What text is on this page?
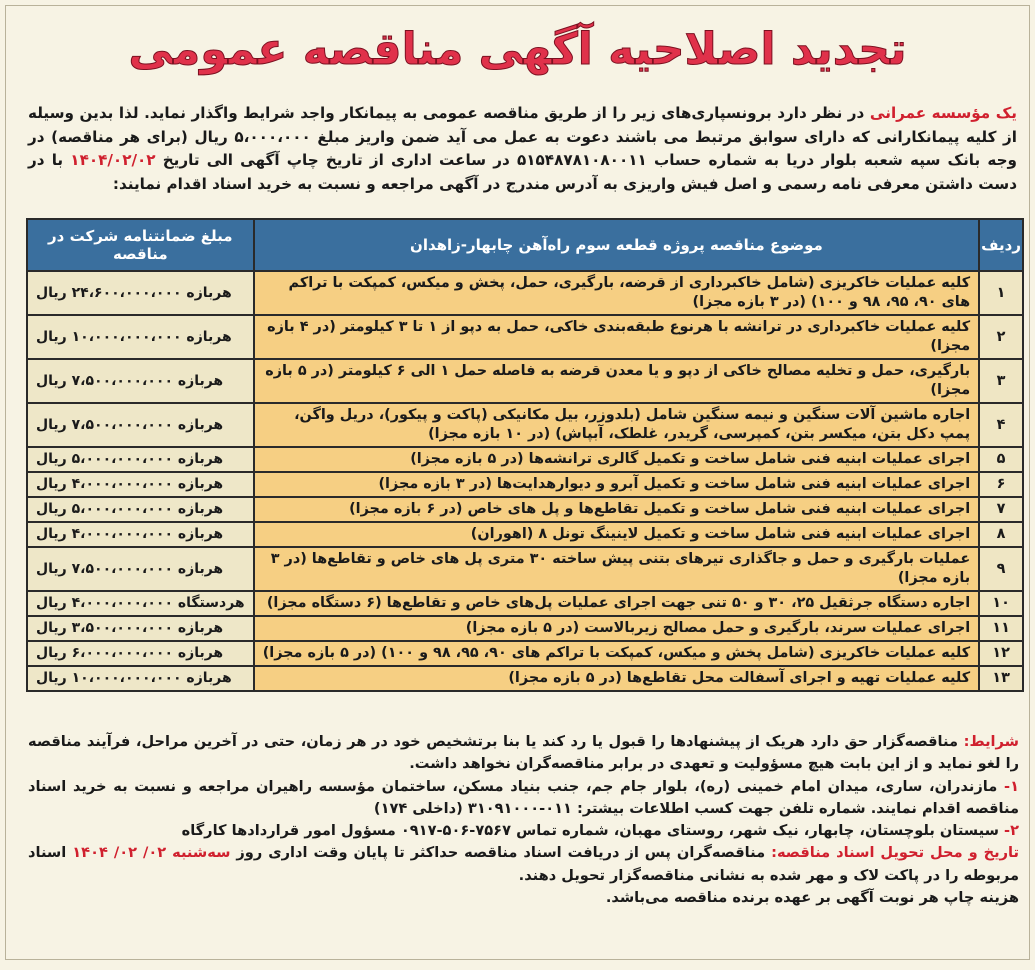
تجدید اصلاحیه آگهی مناقصه عمومی
یک مؤسسه عمرانی در نظر دارد برونسپاری‌های زیر را از طریق مناقصه عمومی به پیمانکار واجد شرایط واگذار نماید. لذا بدین وسیله از کلیه پیمانکارانی که دارای سوابق مرتبط می باشند دعوت به عمل می آید ضمن واریز مبلغ ۵،۰۰۰،۰۰۰ ریال (برای هر مناقصه) در وجه بانک سپه شعبه بلوار دریا به شماره حساب ۵۱۵۴۸۷۸۱۰۸۰۰۱۱ در ساعت اداری از تاریخ چاپ آگهی الی تاریخ ۱۴۰۴/۰۲/۰۲ با در دست داشتن معرفی نامه رسمی و اصل فیش واریزی به آدرس مندرج در آگهی مراجعه و نسبت به خرید اسناد اقدام نمایند:
ردیف	موضوع مناقصه پروژه قطعه سوم راه‌آهن چابهار-زاهدان	مبلغ ضمانتنامه شرکت در مناقصه
۱	کلیه عملیات خاکریزی (شامل خاکبرداری از قرضه، بارگیری، حمل، پخش و میکس، کمپکت با تراکم های ۹۰، ۹۵، ۹۸ و ۱۰۰) (در ۳ بازه مجزا)	هربازه ۲۴،۶۰۰،۰۰۰،۰۰۰ ریال
۲	کلیه عملیات خاکبرداری در ترانشه با هرنوع طبقه‌بندی خاکی، حمل به دپو از ۱ تا ۳ کیلومتر (در ۴ بازه مجزا)	هربازه ۱۰،۰۰۰،۰۰۰،۰۰۰ ریال
۳	بارگیری، حمل و تخلیه مصالح خاکی از دپو و یا معدن قرضه به فاصله حمل ۱ الی ۶ کیلومتر (در ۵ بازه مجزا)	هربازه ۷،۵۰۰،۰۰۰،۰۰۰ ریال
۴	اجاره ماشین آلات سنگین و نیمه سنگین شامل (بلدوزر، بیل مکانیکی (پاکت و پیکور)، دریل واگن، پمپ دکل بتن، میکسر بتن، کمپرسی، گریدر، غلطک، آبپاش) (در ۱۰ بازه مجزا)	هربازه ۷،۵۰۰،۰۰۰،۰۰۰ ریال
۵	اجرای عملیات ابنیه فنی شامل ساخت و تکمیل گالری ترانشه‌ها (در ۵ بازه مجزا)	هربازه ۵،۰۰۰،۰۰۰،۰۰۰ ریال
۶	اجرای عملیات ابنیه فنی شامل ساخت و تکمیل آبرو و دیوارهدایت‌ها (در ۳ بازه مجزا)	هربازه ۴،۰۰۰،۰۰۰،۰۰۰ ریال
۷	اجرای عملیات ابنیه فنی شامل ساخت و تکمیل تقاطع‌ها و پل های خاص (در ۶ بازه مجزا)	هربازه ۵،۰۰۰،۰۰۰،۰۰۰ ریال
۸	اجرای عملیات ابنیه فنی شامل ساخت و تکمیل لاینینگ تونل ۸ (اهوران)	هربازه ۴،۰۰۰،۰۰۰،۰۰۰ ریال
۹	عملیات بارگیری و حمل و جاگذاری تیرهای بتنی پیش ساخته ۳۰ متری پل های خاص و تقاطع‌ها (در ۳ بازه مجزا)	هربازه ۷،۵۰۰،۰۰۰،۰۰۰ ریال
۱۰	اجاره دستگاه جرثقیل ۲۵، ۳۰ و ۵۰ تنی جهت اجرای عملیات پل‌های خاص و تقاطع‌ها (۶ دستگاه مجزا)	هردستگاه ۴،۰۰۰،۰۰۰،۰۰۰ ریال
۱۱	اجرای عملیات سرند، بارگیری و حمل مصالح زیربالاست (در ۵ بازه مجزا)	هربازه ۳،۵۰۰،۰۰۰،۰۰۰ ریال
۱۲	کلیه عملیات خاکریزی (شامل پخش و میکس، کمپکت با تراکم های ۹۰، ۹۵، ۹۸ و ۱۰۰) (در ۵ بازه مجزا)	هربازه ۶،۰۰۰،۰۰۰،۰۰۰ ریال
۱۳	کلیه عملیات تهیه و اجرای آسفالت محل تقاطع‌ها (در ۵ بازه مجزا)	هربازه ۱۰،۰۰۰،۰۰۰،۰۰۰ ریال
شرایط: مناقصه‌گزار حق دارد هریک از پیشنهادها را قبول یا رد کند یا بنا برتشخیص خود در هر زمان، حتی در آخرین مراحل، فرآیند مناقصه را لغو نماید و از این بابت هیچ مسؤولیت و تعهدی در برابر مناقصه‌گران نخواهد داشت.
۱- مازندران، ساری، میدان امام خمینی (ره)، بلوار جام جم، جنب بنیاد مسکن، ساختمان مؤسسه راهیران مراجعه و نسبت به خرید اسناد مناقصه اقدام نمایند. شماره تلفن جهت کسب اطلاعات بیشتر: ۰۱۱-۳۱۰۹۱۰۰۰ (داخلی ۱۷۴)
۲- سیستان بلوچستان، چابهار، نیک شهر، روستای مهبان، شماره تماس ۷۵۶۷-۵۰۶-۰۹۱۷ مسؤول امور قراردادها کارگاه
تاریخ و محل تحویل اسناد مناقصه: مناقصه‌گران پس از دریافت اسناد مناقصه حداکثر تا پایان وقت اداری روز سه‌شنبه ۰۲/ ۰۲/ ۱۴۰۴ اسناد مربوطه را در پاکت لاک و مهر شده به نشانی مناقصه‌گزار تحویل دهند.
هزینه چاپ هر نوبت آگهی بر عهده برنده مناقصه می‌باشد.
